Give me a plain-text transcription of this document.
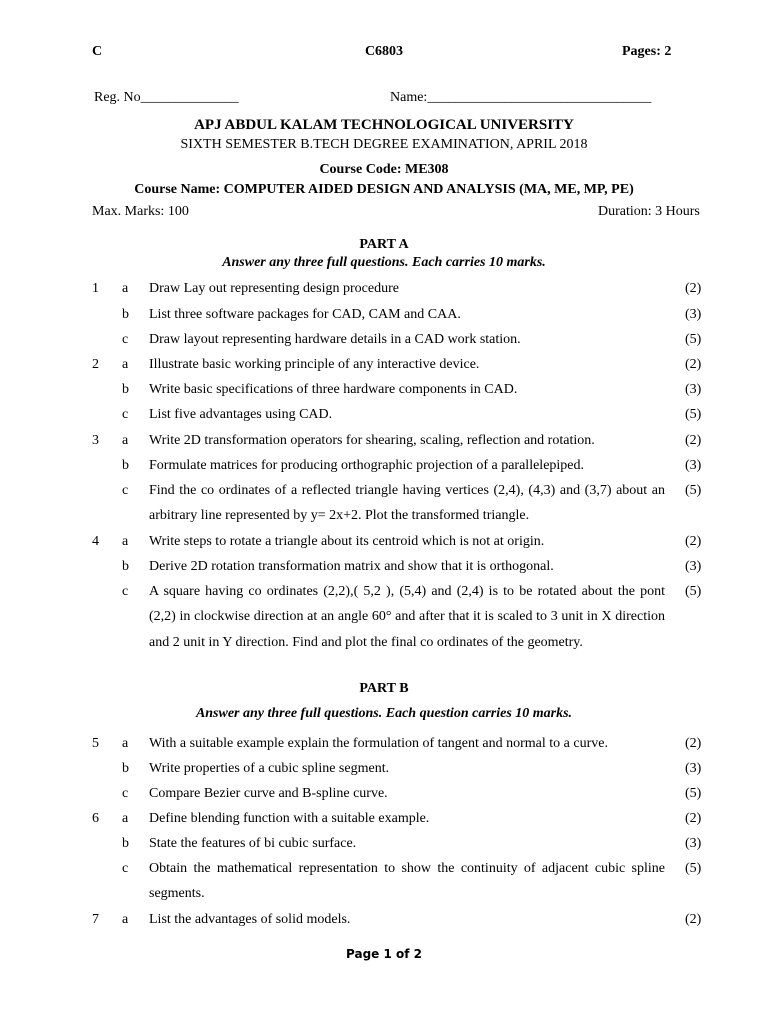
C	C6803	Pages: 2
Reg. No______________	Name:________________________________
APJ ABDUL KALAM TECHNOLOGICAL UNIVERSITY
SIXTH SEMESTER B.TECH DEGREE EXAMINATION, APRIL 2018
Course Code: ME308
Course Name: COMPUTER AIDED DESIGN AND ANALYSIS (MA, ME, MP, PE)
Max. Marks: 100	Duration: 3 Hours
PART A
Answer any three full questions. Each carries 10 marks.
1 a Draw Lay out representing design procedure	(2)
b List three software packages for CAD, CAM and CAA.	(3)
c Draw layout representing hardware details in a CAD work station.	(5)
2 a Illustrate basic working principle of any interactive device.	(2)
b Write basic specifications of three hardware components in CAD.	(3)
c List five advantages using CAD.	(5)
3 a Write 2D transformation operators for shearing, scaling, reflection and rotation.	(2)
b Formulate matrices for producing orthographic projection of a parallelepiped.	(3)
c Find the co ordinates of a reflected triangle having vertices (2,4), (4,3) and (3,7) about an arbitrary line represented by y= 2x+2. Plot the transformed triangle.
(5)
4 a Write steps to rotate a triangle about its centroid which is not at origin.	(2)
b Derive 2D rotation transformation matrix and show that it is orthogonal.	(3)
c A square having co ordinates (2,2),( 5,2 ), (5,4) and (2,4) is to be rotated about the pont (2,2) in clockwise direction at an angle 60° and after that it is scaled to 3 unit in X direction and 2 unit in Y direction. Find and plot the final co ordinates of the geometry.
(5)
PART B
Answer any three full questions. Each question carries 10 marks.
5 a With a suitable example explain the formulation of tangent and normal to a curve.	(2)
b Write properties of a cubic spline segment.	(3)
c Compare Bezier curve and B-spline curve.	(5)
6 a Define blending function with a suitable example.	(2)
b State the features of bi cubic surface.	(3)
c Obtain the mathematical representation to show the continuity of adjacent cubic spline segments.
(5)
7 a List the advantages of solid models.	(2)
Page 1 of 2
